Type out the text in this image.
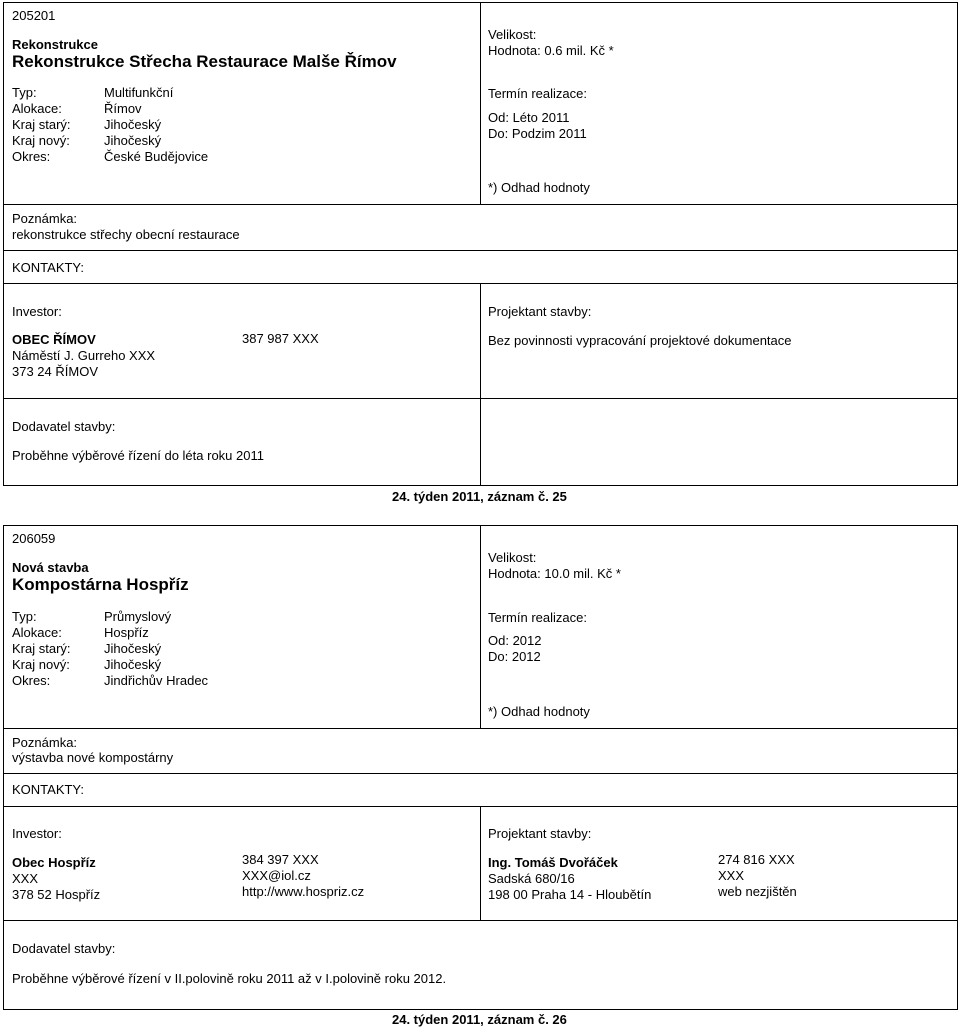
205201
Rekonstrukce
Rekonstrukce Střecha Restaurace Malše Římov
Typ:	Multifunkční
Alokace:	Římov
Kraj starý:	Jihočeský
Kraj nový:	Jihočeský
Okres:	České Budějovice
Velikost:
Hodnota: 0.6 mil. Kč *
Termín realizace:
Od: Léto 2011
Do: Podzim 2011
*) Odhad hodnoty
Poznámka:
rekonstrukce střechy obecní restaurace
KONTAKTY:
Investor:
OBEC ŘÍMOV
Náměstí J. Gurreho XXX
373 24 ŘÍMOV
387 987 XXX
Projektant stavby:
Bez povinnosti vypracování projektové dokumentace
Dodavatel stavby:
Proběhne výběrové řízení do léta roku 2011
24. týden 2011, záznam č. 25
206059
Nová stavba
Kompostárna Hospříz
Typ:	Průmyslový
Alokace:	Hospříz
Kraj starý:	Jihočeský
Kraj nový:	Jihočeský
Okres:	Jindřichův Hradec
Velikost:
Hodnota: 10.0 mil. Kč *
Termín realizace:
Od: 2012
Do: 2012
*) Odhad hodnoty
Poznámka:
výstavba nové kompostárny
KONTAKTY:
Investor:
Obec Hospříz
XXX
378 52 Hospříz
384 397 XXX
XXX@iol.cz
http://www.hospriz.cz
Projektant stavby:
Ing. Tomáš Dvořáček
Sadská 680/16
198 00 Praha 14 - Hloubětín
274 816 XXX
XXX
web nezjištěn
Dodavatel stavby:
Proběhne výběrové řízení v II.polovině roku 2011 až v I.polovině roku 2012.
24. týden 2011, záznam č. 26
